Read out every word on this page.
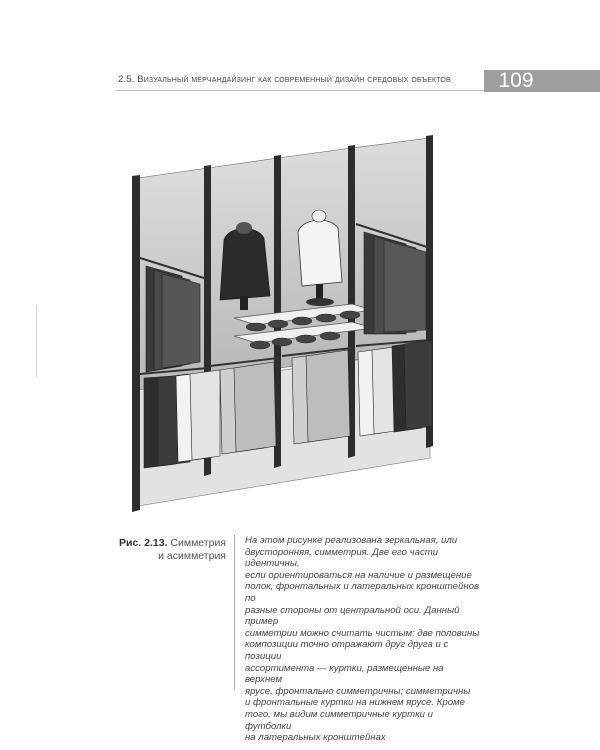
2.5. Визуальный мерчандайзинг как современный дизайн средовых объектов	109
Рис. 2.13. Симметрия
и асимметрия
На этом рисунке реализована зеркальная, или
двусторонняя, симметрия. Две его части идентичны,
если ориентироваться на наличие и размещение
полок, фронтальных и латеральных кронштейнов по
разные стороны от центральной оси. Данный пример
симметрии можно считать чистым: две половины
композиции точно отражают друг друга и с позиции
ассортимента — куртки, размещенные на верхнем
ярусе, фронтально симметричны; симметричны
и фронтальные куртки на нижнем ярусе. Кроме
того, мы видим симметричные куртки и футболки
на латеральных кронштейнах
